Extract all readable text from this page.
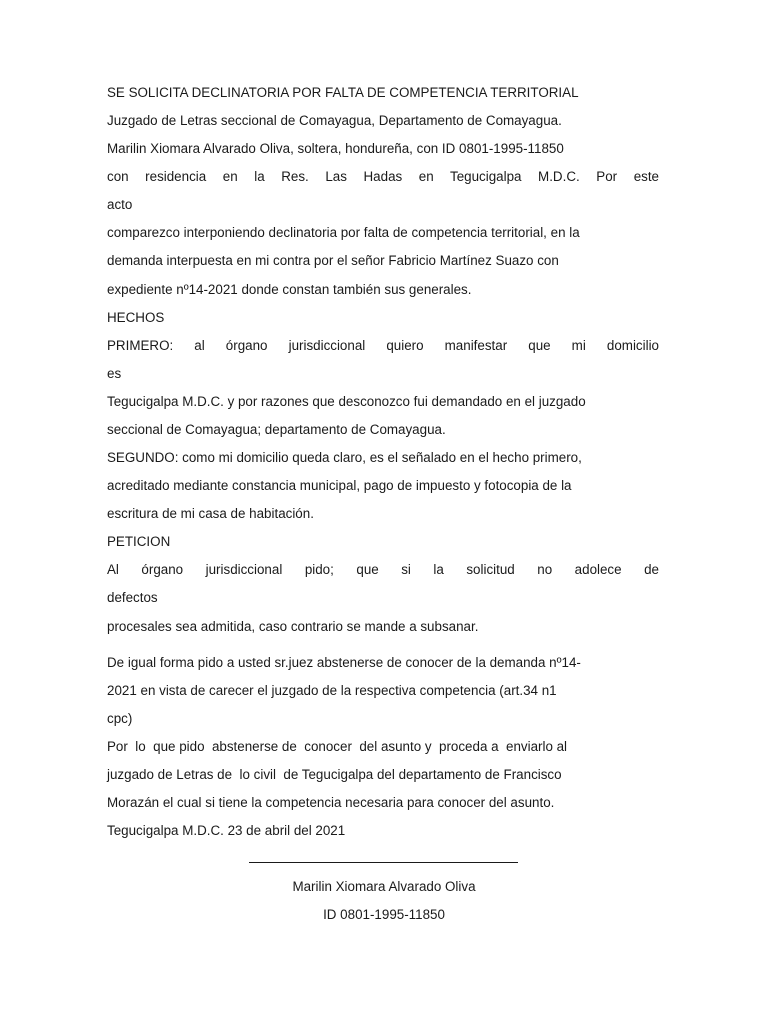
SE SOLICITA DECLINATORIA POR FALTA DE COMPETENCIA TERRITORIAL
Juzgado de Letras seccional de Comayagua, Departamento de Comayagua.
Marilin Xiomara Alvarado Oliva, soltera, hondureña, con ID 0801-1995-11850
con residencia en la Res. Las Hadas en Tegucigalpa M.D.C. Por este
acto
comparezco interponiendo declinatoria por falta de competencia territorial, en la
demanda interpuesta en mi contra por el señor Fabricio Martínez Suazo con
expediente nº14-2021 donde constan también sus generales.
HECHOS
PRIMERO: al órgano jurisdiccional quiero manifestar que mi domicilio
es
Tegucigalpa M.D.C. y por razones que desconozco fui demandado en el juzgado
seccional de Comayagua; departamento de Comayagua.
SEGUNDO: como mi domicilio queda claro, es el señalado en el hecho primero,
acreditado mediante constancia municipal, pago de impuesto y fotocopia de la
escritura de mi casa de habitación.
PETICION
Al órgano jurisdiccional pido; que si la solicitud no adolece de
defectos
procesales sea admitida, caso contrario se mande a subsanar.
De igual forma pido a usted sr.juez abstenerse de conocer de la demanda nº14-
2021 en vista de carecer el juzgado de la respectiva competencia (art.34 n1
cpc)
Por  lo  que pido  abstenerse de  conocer  del asunto y  proceda a  enviarlo al
juzgado de Letras de  lo civil  de Tegucigalpa del departamento de Francisco
Morazán el cual si tiene la competencia necesaria para conocer del asunto.
Tegucigalpa M.D.C. 23 de abril del 2021
Marilin Xiomara Alvarado Oliva
ID 0801-1995-11850
